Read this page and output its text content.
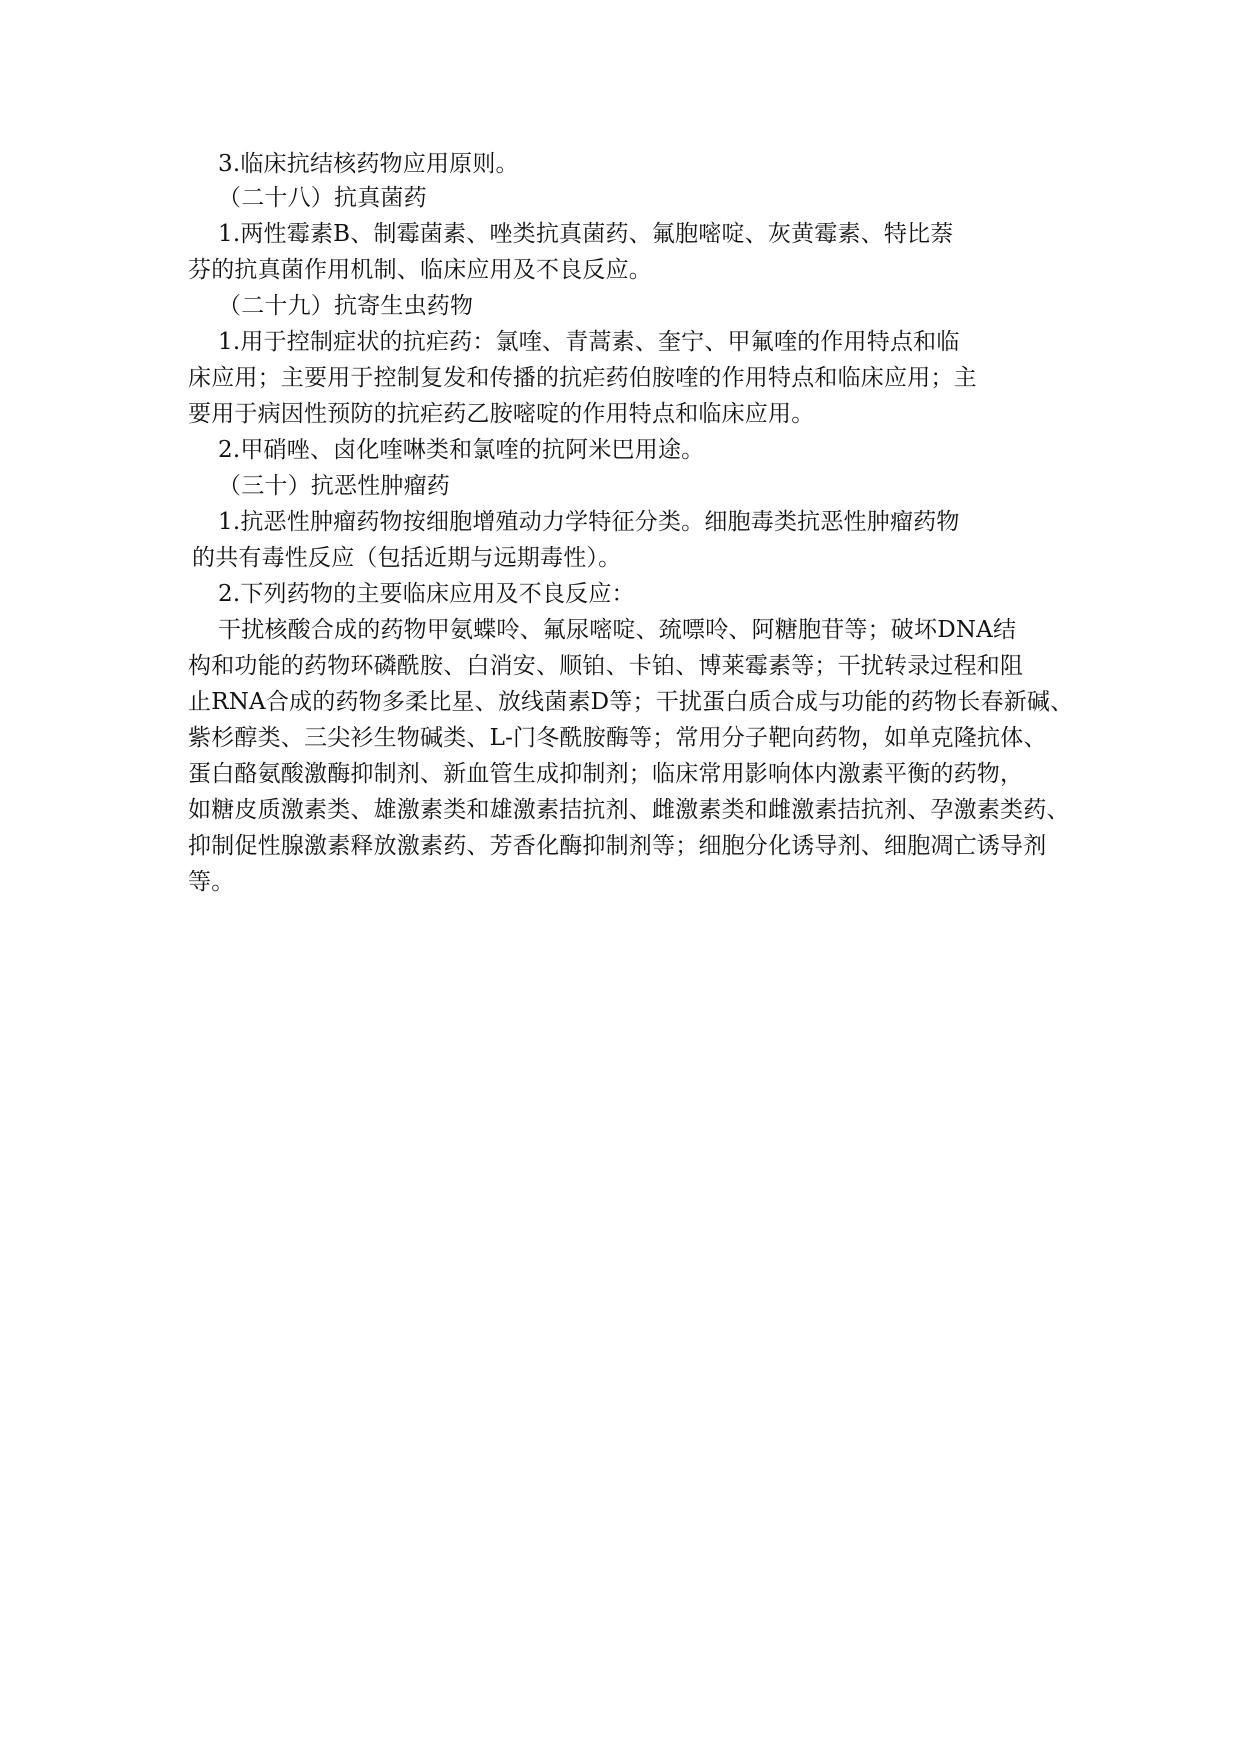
3.临床抗结核药物应用原则。
（二十八）抗真菌药
1.两性霉素B、制霉菌素、唑类抗真菌药、氟胞嘧啶、灰黄霉素、特比萘
芬的抗真菌作用机制、临床应用及不良反应。
（二十九）抗寄生虫药物
1.用于控制症状的抗疟药：氯喹、青蒿素、奎宁、甲氟喹的作用特点和临
床应用；主要用于控制复发和传播的抗疟药伯胺喹的作用特点和临床应用；主
要用于病因性预防的抗疟药乙胺嘧啶的作用特点和临床应用。
2.甲硝唑、卤化喹啉类和氯喹的抗阿米巴用途。
（三十）抗恶性肿瘤药
1.抗恶性肿瘤药物按细胞增殖动力学特征分类。细胞毒类抗恶性肿瘤药物
的共有毒性反应（包括近期与远期毒性）。
2.下列药物的主要临床应用及不良反应：
干扰核酸合成的药物甲氨蝶呤、氟尿嘧啶、巯嘌呤、阿糖胞苷等；破坏DNA结
构和功能的药物环磷酰胺、白消安、顺铂、卡铂、博莱霉素等；干扰转录过程和阻
止RNA合成的药物多柔比星、放线菌素D等；干扰蛋白质合成与功能的药物长春新碱、
紫杉醇类、三尖衫生物碱类、L-门冬酰胺酶等；常用分子靶向药物，如单克隆抗体、
蛋白酪氨酸激酶抑制剂、新血管生成抑制剂；临床常用影响体内激素平衡的药物，
如糖皮质激素类、雄激素类和雄激素拮抗剂、雌激素类和雌激素拮抗剂、孕激素类药、
抑制促性腺激素释放激素药、芳香化酶抑制剂等；细胞分化诱导剂、细胞凋亡诱导剂
等。
